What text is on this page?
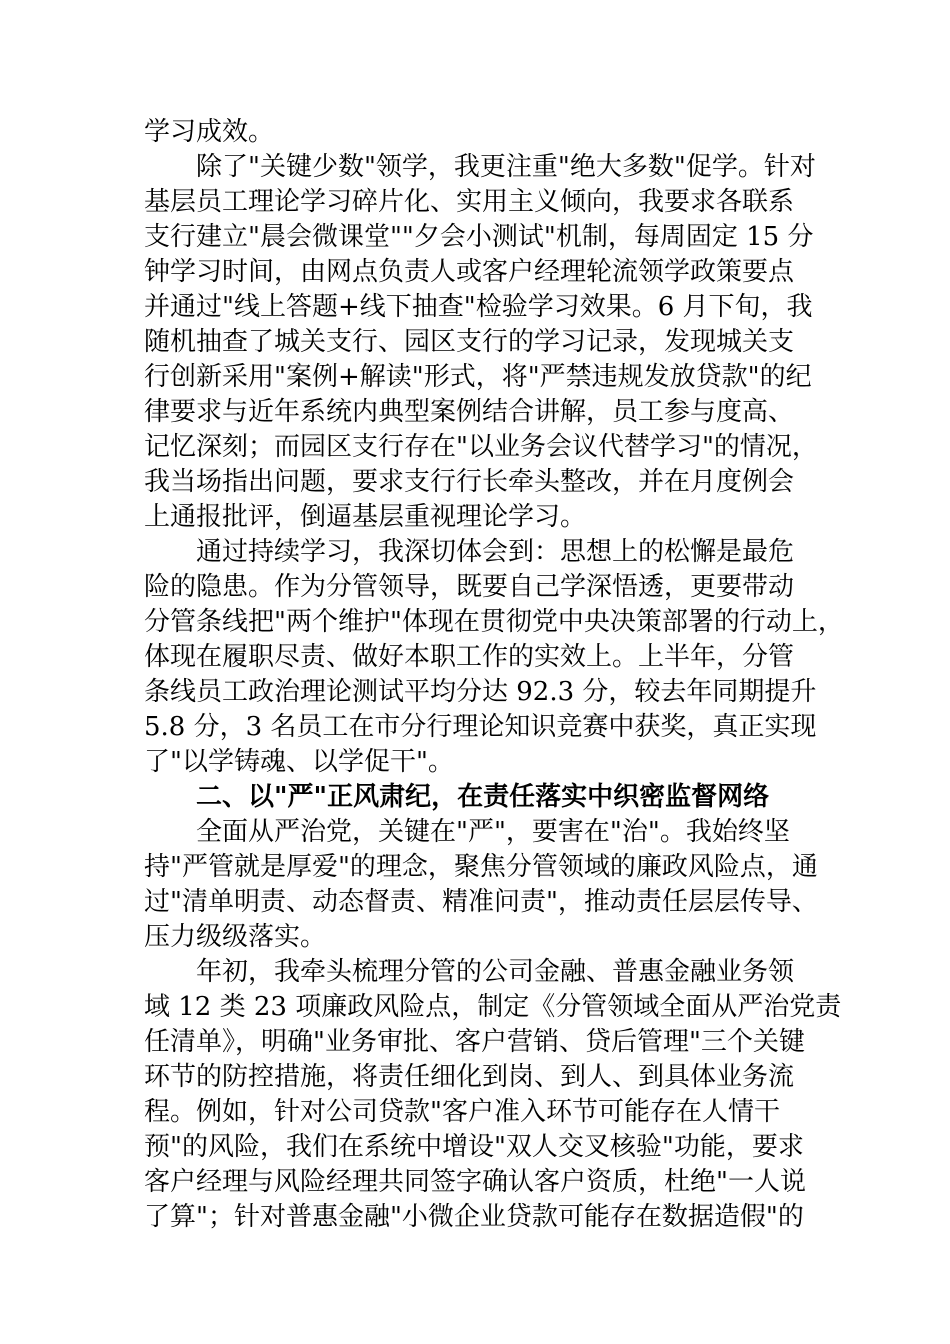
学习成效。
除了"关键少数"领学，我更注重"绝大多数"促学。针对
基层员工理论学习碎片化、实用主义倾向，我要求各联系
支行建立"晨会微课堂""夕会小测试"机制，每周固定 15 分
钟学习时间，由网点负责人或客户经理轮流领学政策要点
并通过"线上答题+线下抽查"检验学习效果。6 月下旬，我
随机抽查了城关支行、园区支行的学习记录，发现城关支
行创新采用"案例+解读"形式，将"严禁违规发放贷款"的纪
律要求与近年系统内典型案例结合讲解，员工参与度高、
记忆深刻；而园区支行存在"以业务会议代替学习"的情况，
我当场指出问题，要求支行行长牵头整改，并在月度例会
上通报批评，倒逼基层重视理论学习。
通过持续学习，我深切体会到：思想上的松懈是最危
险的隐患。作为分管领导，既要自己学深悟透，更要带动
分管条线把"两个维护"体现在贯彻党中央决策部署的行动上，
体现在履职尽责、做好本职工作的实效上。上半年，分管
条线员工政治理论测试平均分达 92.3 分，较去年同期提升
5.8 分，3 名员工在市分行理论知识竞赛中获奖，真正实现
了"以学铸魂、以学促干"。
二、以"严"正风肃纪，在责任落实中织密监督网络
全面从严治党，关键在"严"，要害在"治"。我始终坚
持"严管就是厚爱"的理念，聚焦分管领域的廉政风险点，通
过"清单明责、动态督责、精准问责"，推动责任层层传导、
压力级级落实。
年初，我牵头梳理分管的公司金融、普惠金融业务领
域 12 类 23 项廉政风险点，制定《分管领域全面从严治党责
任清单》，明确"业务审批、客户营销、贷后管理"三个关键
环节的防控措施，将责任细化到岗、到人、到具体业务流
程。例如，针对公司贷款"客户准入环节可能存在人情干
预"的风险，我们在系统中增设"双人交叉核验"功能，要求
客户经理与风险经理共同签字确认客户资质，杜绝"一人说
了算"；针对普惠金融"小微企业贷款可能存在数据造假"的
